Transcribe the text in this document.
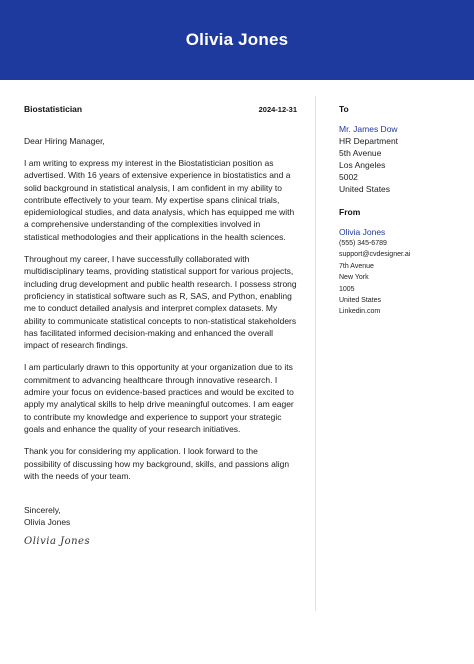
Olivia Jones
Biostatistician	2024-12-31
Dear Hiring Manager,
I am writing to express my interest in the Biostatistician position as advertised. With 16 years of extensive experience in biostatistics and a solid background in statistical analysis, I am confident in my ability to contribute effectively to your team. My expertise spans clinical trials, epidemiological studies, and data analysis, which has equipped me with a comprehensive understanding of the complexities involved in statistical methodologies and their applications in the health sciences.
Throughout my career, I have successfully collaborated with multidisciplinary teams, providing statistical support for various projects, including drug development and public health research. I possess strong proficiency in statistical software such as R, SAS, and Python, enabling me to conduct detailed analysis and interpret complex datasets. My ability to communicate statistical concepts to non-statistical stakeholders has facilitated informed decision-making and enhanced the overall impact of research findings.
I am particularly drawn to this opportunity at your organization due to its commitment to advancing healthcare through innovative research. I admire your focus on evidence-based practices and would be excited to apply my analytical skills to help drive meaningful outcomes. I am eager to contribute my knowledge and experience to support your strategic goals and enhance the quality of your research initiatives.
Thank you for considering my application. I look forward to the possibility of discussing how my background, skills, and passions align with the needs of your team.
Sincerely,
Olivia Jones
Olivia Jones
To
Mr. James Dow
HR Department
5th Avenue
Los Angeles
5002
United States
From
Olivia Jones
(555) 345-6789
support@cvdesigner.ai
7th Avenue
New York
1005
United States
Linkedin.com
